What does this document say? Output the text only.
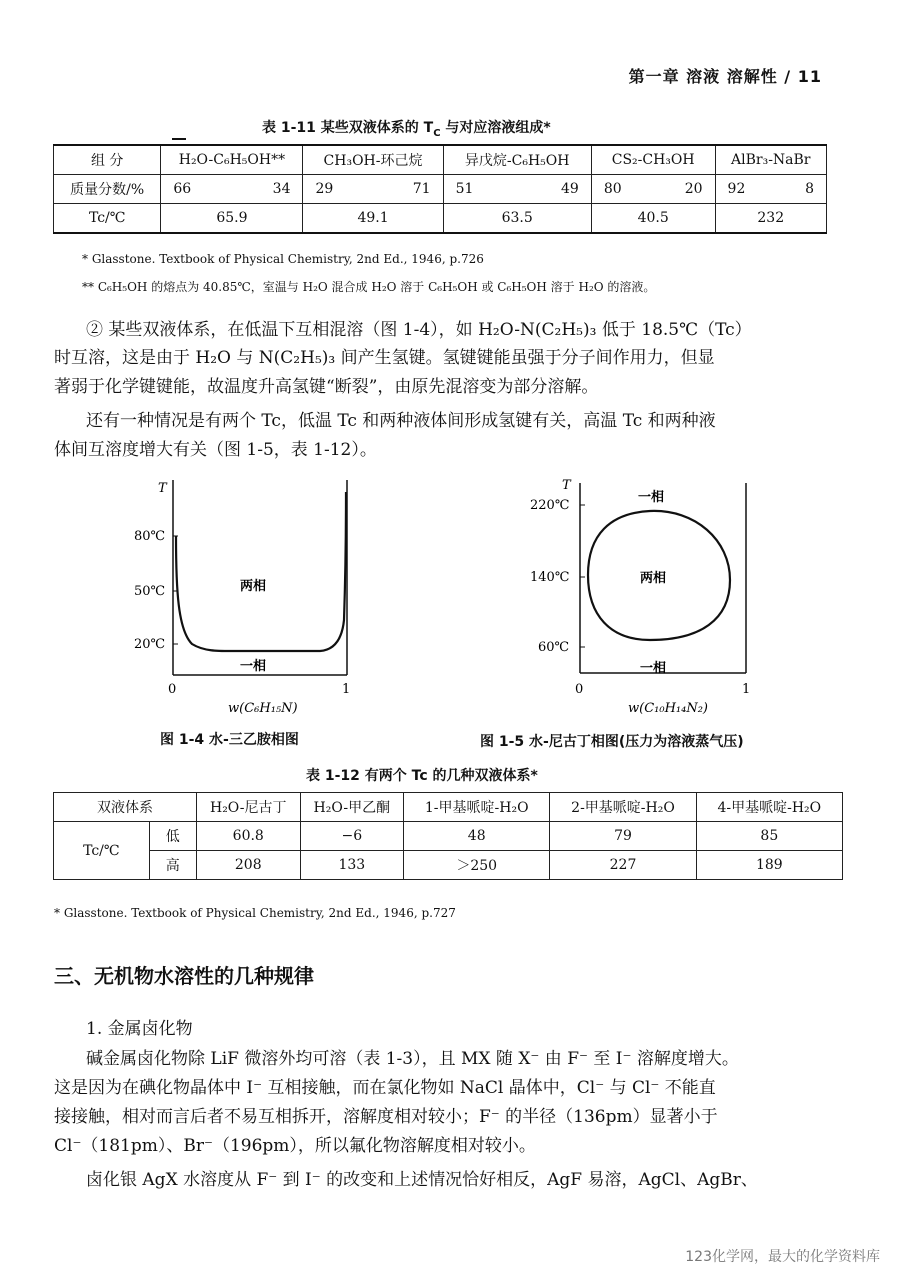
第一章 溶液 溶解性 / 11
表 1-11 某些双液体系的 $T_C$ 与对应溶液组成*
组 分	H₂O-C₆H₅OH**	CH₃OH-环己烷	异戊烷-C₆H₅OH	CS₂-CH₃OH	AlBr₃-NaBr
质量分数/%	66 34	29 71	51 49	80 20	92 8

Tc/℃	65.9	49.1	63.5	40.5	232
* Glasstone. Textbook of Physical Chemistry, 2nd Ed., 1946, p.726
** C₆H₅OH 的熔点为 40.85℃，室温与 H₂O 混合成 H₂O 溶于 C₆H₅OH 或 C₆H₅OH 溶于 H₂O 的溶液。
② 某些双液体系，在低温下互相混溶（图 1-4），如 H₂O-N(C₂H₅)₃ 低于 18.5℃（Tc）
时互溶，这是由于 H₂O 与 N(C₂H₅)₃ 间产生氢键。氢键键能虽强于分子间作用力，但显
著弱于化学键键能，故温度升高氢键“断裂”，由原先混溶变为部分溶解。
还有一种情况是有两个 Tc，低温 Tc 和两种液体间形成氢键有关，高温 Tc 和两种液
体间互溶度增大有关（图 1-5，表 1-12）。
T
80℃
50℃
20℃
两相
一相
0	1
w(C₆H₁₅N)
图 1-4 水-三乙胺相图
T
220℃
140℃
60℃
一相
两相
一相
0	1
w(C₁₀H₁₄N₂)
图 1-5 水-尼古丁相图(压力为溶液蒸气压)
表 1-12 有两个 Tc 的几种双液体系*
双液体系		H₂O-尼古丁	H₂O-甲乙酮	1-甲基哌啶-H₂O	2-甲基哌啶-H₂O	4-甲基哌啶-H₂O
Tc/℃	低	60.8	−6	48	79	85
	高	208	133	＞250	227	189
* Glasstone. Textbook of Physical Chemistry, 2nd Ed., 1946, p.727
三、无机物水溶性的几种规律
1. 金属卤化物
碱金属卤化物除 LiF 微溶外均可溶（表 1-3），且 MX 随 X⁻ 由 F⁻ 至 I⁻ 溶解度增大。
这是因为在碘化物晶体中 I⁻ 互相接触，而在氯化物如 NaCl 晶体中，Cl⁻ 与 Cl⁻ 不能直
接接触，相对而言后者不易互相拆开，溶解度相对较小；F⁻ 的半径（136pm）显著小于
Cl⁻（181pm）、Br⁻（196pm），所以氟化物溶解度相对较小。
卤化银 AgX 水溶度从 F⁻ 到 I⁻ 的改变和上述情况恰好相反，AgF 易溶，AgCl、AgBr、
123化学网，最大的化学资料库
